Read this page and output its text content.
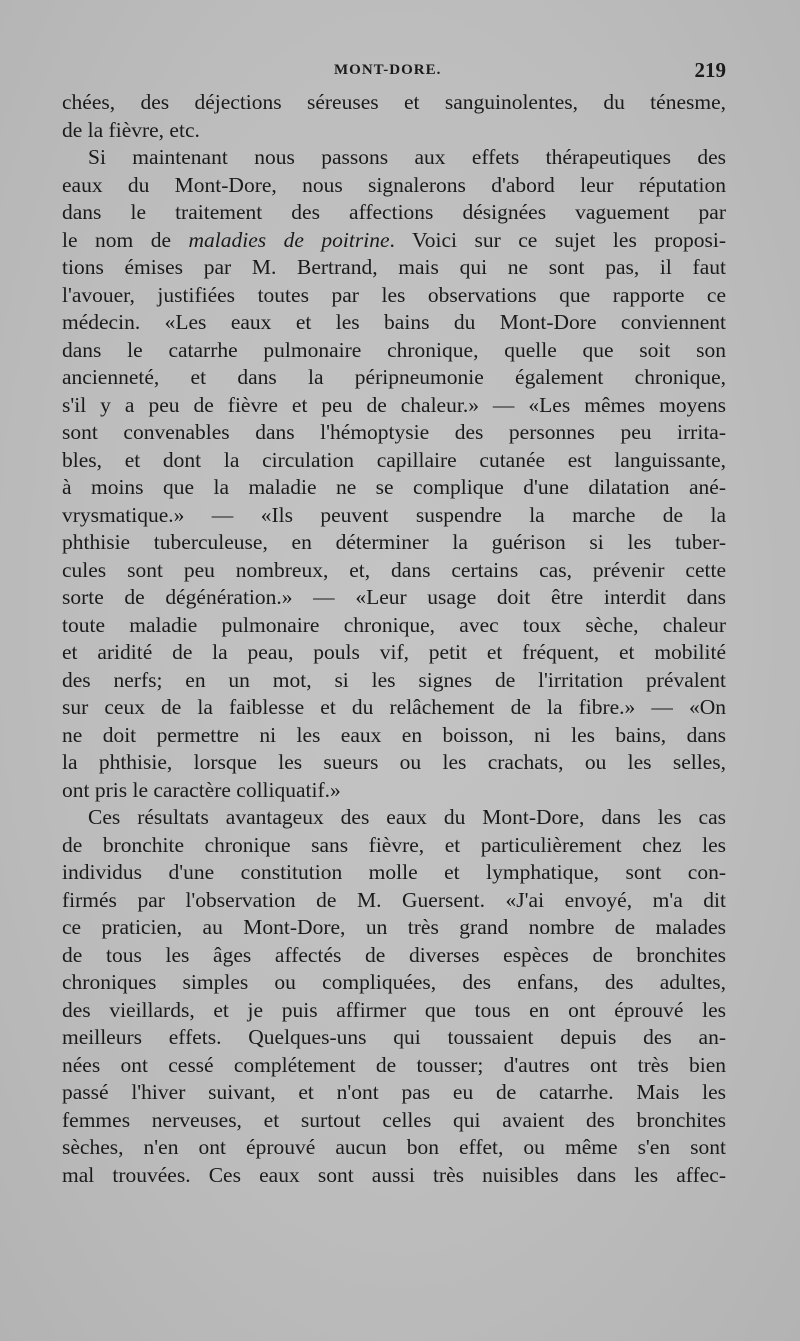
MONT-DORE.	219
chées, des déjections séreuses et sanguinolentes, du ténesme,
de la fièvre, etc.
Si maintenant nous passons aux effets thérapeutiques des
eaux du Mont-Dore, nous signalerons d'abord leur réputation
dans le traitement des affections désignées vaguement par
le nom de maladies de poitrine. Voici sur ce sujet les proposi-
tions émises par M. Bertrand, mais qui ne sont pas, il faut
l'avouer, justifiées toutes par les observations que rapporte ce
médecin. «Les eaux et les bains du Mont-Dore conviennent
dans le catarrhe pulmonaire chronique, quelle que soit son
ancienneté, et dans la péripneumonie également chronique,
s'il y a peu de fièvre et peu de chaleur.» — «Les mêmes moyens
sont convenables dans l'hémoptysie des personnes peu irrita-
bles, et dont la circulation capillaire cutanée est languissante,
à moins que la maladie ne se complique d'une dilatation ané-
vrysmatique.» — «Ils peuvent suspendre la marche de la
phthisie tuberculeuse, en déterminer la guérison si les tuber-
cules sont peu nombreux, et, dans certains cas, prévenir cette
sorte de dégénération.» — «Leur usage doit être interdit dans
toute maladie pulmonaire chronique, avec toux sèche, chaleur
et aridité de la peau, pouls vif, petit et fréquent, et mobilité
des nerfs; en un mot, si les signes de l'irritation prévalent
sur ceux de la faiblesse et du relâchement de la fibre.» — «On
ne doit permettre ni les eaux en boisson, ni les bains, dans
la phthisie, lorsque les sueurs ou les crachats, ou les selles,
ont pris le caractère colliquatif.»
Ces résultats avantageux des eaux du Mont-Dore, dans les cas
de bronchite chronique sans fièvre, et particulièrement chez les
individus d'une constitution molle et lymphatique, sont con-
firmés par l'observation de M. Guersent. «J'ai envoyé, m'a dit
ce praticien, au Mont-Dore, un très grand nombre de malades
de tous les âges affectés de diverses espèces de bronchites
chroniques simples ou compliquées, des enfans, des adultes,
des vieillards, et je puis affirmer que tous en ont éprouvé les
meilleurs effets. Quelques-uns qui toussaient depuis des an-
nées ont cessé complétement de tousser; d'autres ont très bien
passé l'hiver suivant, et n'ont pas eu de catarrhe. Mais les
femmes nerveuses, et surtout celles qui avaient des bronchites
sèches, n'en ont éprouvé aucun bon effet, ou même s'en sont
mal trouvées. Ces eaux sont aussi très nuisibles dans les affec-
